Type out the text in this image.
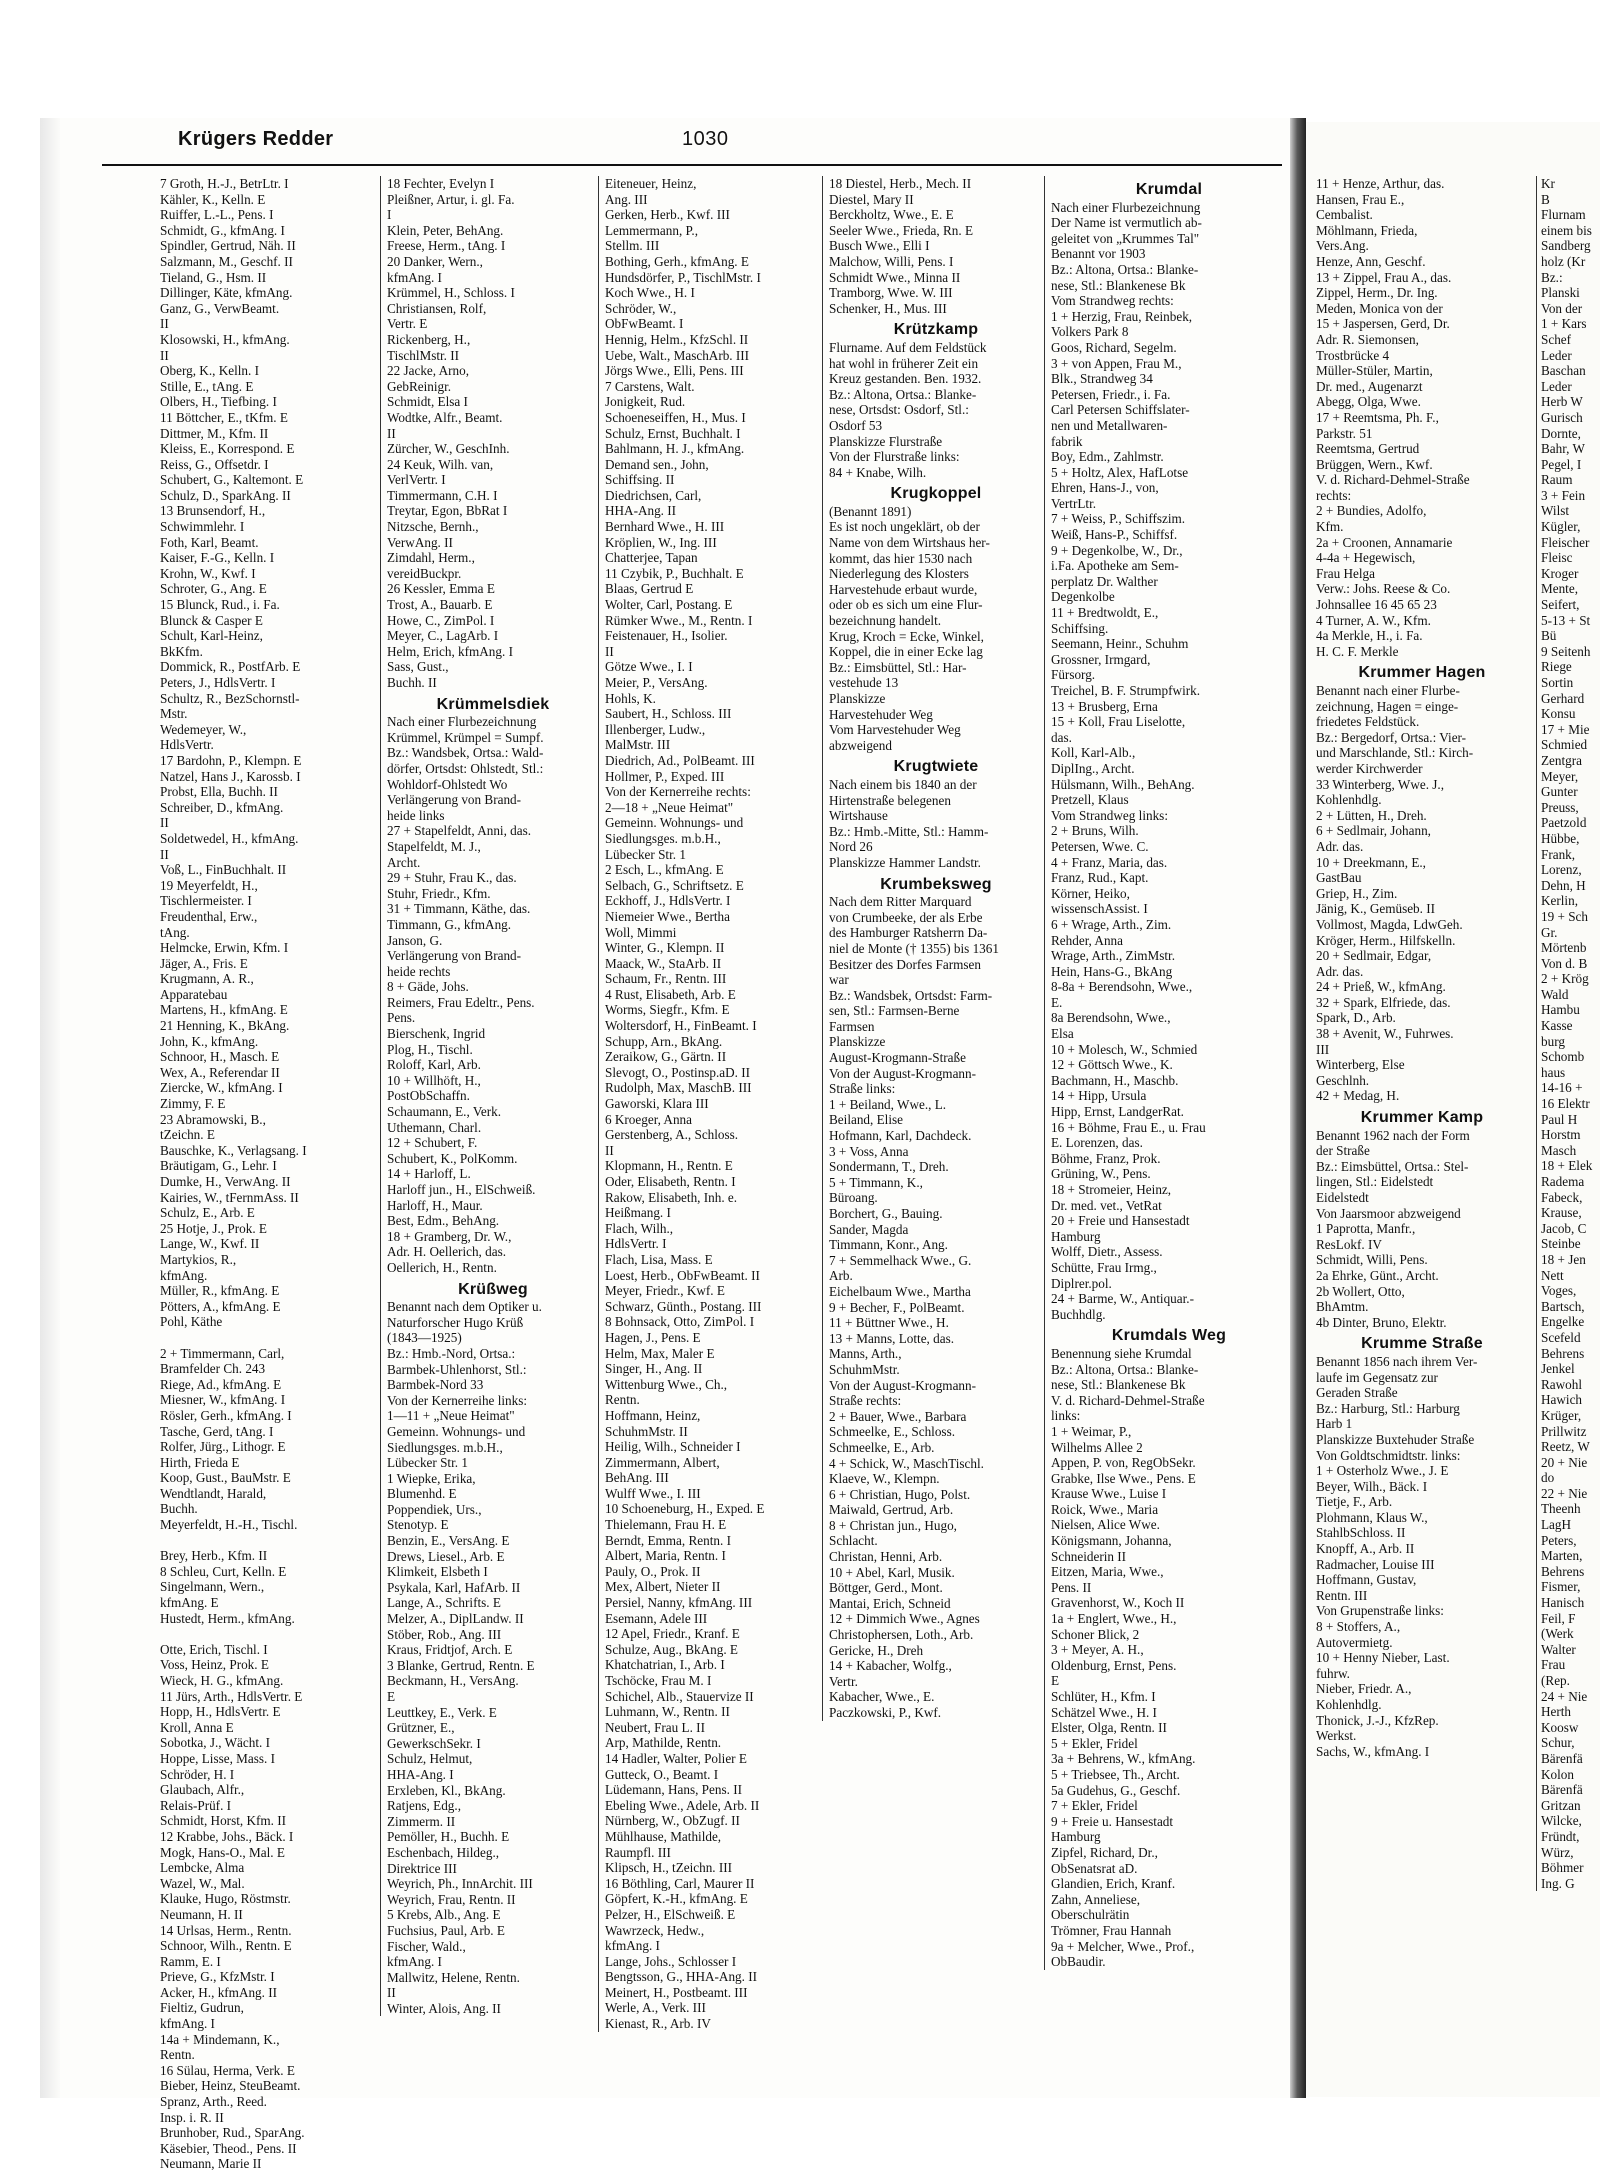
Krügers Redder	1030
7 Groth, H.-J., BetrLtr. I
Kähler, K., Kelln. E
Ruiffer, L.-L., Pens. I
Schmidt, G., kfmAng. I
Spindler, Gertrud, Näh. II
Salzmann, M., Geschf. II
Tieland, G., Hsm. II
Dillinger, Käte, kfmAng.
Ganz, G., VerwBeamt.
II
Klosowski, H., kfmAng.
II
Oberg, K., Kelln. I
Stille, E., tAng. E
Olbers, H., Tiefbing. I
11 Böttcher, E., tKfm. E
Dittmer, M., Kfm. II
Kleiss, E., Korrespond. E
Reiss, G., Offsetdr. I
Schubert, G., Kaltemont. E
Schulz, D., SparkAng. II
13 Brunsendorf, H.,
Schwimmlehr. I
Foth, Karl, Beamt.
Kaiser, F.-G., Kelln. I
Krohn, W., Kwf. I
Schroter, G., Ang. E
15 Blunck, Rud., i. Fa.
Blunck & Casper E
Schult, Karl-Heinz,
BkKfm.
Dommick, R., PostfArb. E
Peters, J., HdlsVertr. I
Schultz, R., BezSchornstl-
Mstr.
Wedemeyer, W.,
HdlsVertr.
17 Bardohn, P., Klempn. E
Natzel, Hans J., Karossb. I
Probst, Ella, Buchh. II
Schreiber, D., kfmAng.
II
Soldetwedel, H., kfmAng.
II
Voß, L., FinBuchhalt. II
19 Meyerfeldt, H.,
Tischlermeister. I
Freudenthal, Erw.,
tAng.
Helmcke, Erwin, Kfm. I
Jäger, A., Fris. E
Krugmann, A. R.,
Apparatebau
Martens, H., kfmAng. E
21 Henning, K., BkAng.
John, K., kfmAng.
Schnoor, H., Masch. E
Wex, A., Referendar II
Ziercke, W., kfmAng. I
Zimmy, F. E
23 Abramowski, B.,
tZeichn. E
Bauschke, K., Verlagsang. I
Bräutigam, G., Lehr. I
Dumke, H., VerwAng. II
Kairies, W., tFernmAss. II
Schulz, E., Arb. E
25 Hotje, J., Prok. E
Lange, W., Kwf. II
Martykios, R.,
kfmAng.
Müller, R., kfmAng. E
Pötters, A., kfmAng. E
Pohl, Käthe

2 + Timmermann, Carl,
Bramfelder Ch. 243
Riege, Ad., kfmAng. E
Miesner, W., kfmAng. I
Rösler, Gerh., kfmAng. I
Tasche, Gerd, tAng. I
Rolfer, Jürg., Lithogr. E
Hirth, Frieda E
Koop, Gust., BauMstr. E
Wendtlandt, Harald,
Buchh.
Meyerfeldt, H.-H., Tischl.

Brey, Herb., Kfm. II
8 Schleu, Curt, Kelln. E
Singelmann, Wern.,
kfmAng. E
Hustedt, Herm., kfmAng.

Otte, Erich, Tischl. I
Voss, Heinz, Prok. E
Wieck, H. G., kfmAng.
11 Jürs, Arth., HdlsVertr. E
Hopp, H., HdlsVertr. E
Kroll, Anna E
Sobotka, J., Wächt. I
Hoppe, Lisse, Mass. I
Schröder, H. I
Glaubach, Alfr.,
Relais-Prüf. I
Schmidt, Horst, Kfm. II
12 Krabbe, Johs., Bäck. I
Mogk, Hans-O., Mal. E
Lembcke, Alma
Wazel, W., Mal.
Klauke, Hugo, Röstmstr.
Neumann, H. II
14 Urlsas, Herm., Rentn.
Schnoor, Wilh., Rentn. E
Ramm, E. I
Prieve, G., KfzMstr. I
Acker, H., kfmAng. II
Fieltiz, Gudrun,
kfmAng. I
14a + Mindemann, K.,
Rentn.
16 Sülau, Herma, Verk. E
Bieber, Heinz, SteuBeamt.
Spranz, Arth., Reed.
Insp. i. R. II
Brunhober, Rud., SparAng.
Käsebier, Theod., Pens. II
Neumann, Marie II
18 Fechter, Evelyn I
Pleißner, Artur, i. gl. Fa.
I
Klein, Peter, BehAng.
Freese, Herm., tAng. I
20 Danker, Wern.,
kfmAng. I
Krümmel, H., Schloss. I
Christiansen, Rolf,
Vertr. E
Rickenberg, H.,
TischlMstr. II
22 Jacke, Arno,
GebReinigr.
Schmidt, Elsa I
Wodtke, Alfr., Beamt.
II
Zürcher, W., GeschInh.
24 Keuk, Wilh. van,
VerlVertr. I
Timmermann, C.H. I
Treytar, Egon, BbRat I
Nitzsche, Bernh.,
VerwAng. II
Zimdahl, Herm.,
vereidBuckpr.
26 Kessler, Emma E
Trost, A., Bauarb. E
Howe, C., ZimPol. I
Meyer, C., LagArb. I
Helm, Erich, kfmAng. I
Sass, Gust.,
Buchh. II
Krümmelsdiek
Nach einer Flurbezeichnung
Krümmel, Krümpel = Sumpf.
Bz.: Wandsbek, Ortsa.: Wald-
dörfer, Ortsdst: Ohlstedt, Stl.:
Wohldorf-Ohlstedt Wo
Verlängerung von Brand-
heide links
27 + Stapelfeldt, Anni, das.
Stapelfeldt, M. J.,
Archt.
29 + Stuhr, Frau K., das.
Stuhr, Friedr., Kfm.
31 + Timmann, Käthe, das.
Timmann, G., kfmAng.
Janson, G.
Verlängerung von Brand-
heide rechts
8 + Gäde, Johs.
Reimers, Frau Edeltr., Pens.
Pens.
Bierschenk, Ingrid
Plog, H., Tischl.
Roloff, Karl, Arb.
10 + Willhöft, H.,
PostObSchaffn.
Schaumann, E., Verk.
Uthemann, Charl.
12 + Schubert, F.
Schubert, K., PolKomm.
14 + Harloff, L.
Harloff jun., H., ElSchweiß.
Harloff, H., Maur.
Best, Edm., BehAng.
18 + Gramberg, Dr. W.,
Adr. H. Oellerich, das.
Oellerich, H., Rentn.
Krüßweg
Benannt nach dem Optiker u.
Naturforscher Hugo Krüß
(1843—1925)
Bz.: Hmb.-Nord, Ortsa.:
Barmbek-Uhlenhorst, Stl.:
Barmbek-Nord 33
Von der Kernerreihe links:
1—11 + „Neue Heimat"
Gemeinn. Wohnungs- und
Siedlungsges. m.b.H.,
Lübecker Str. 1
1 Wiepke, Erika,
Blumenhd. E
Poppendiek, Urs.,
Stenotyp. E
Benzin, E., VersAng. E
Drews, Liesel., Arb. E
Klimkeit, Elsbeth I
Psykala, Karl, HafArb. II
Lange, A., Schrifts. E
Melzer, A., DiplLandw. II
Stöber, Rob., Ang. III
Kraus, Fridtjof, Arch. E
3 Blanke, Gertrud, Rentn. E
Beckmann, H., VersAng.
E
Leuttkey, E., Verk. E
Grützner, E.,
GewerkschSekr. I
Schulz, Helmut,
HHA-Ang. I
Erxleben, Kl., BkAng.
Ratjens, Edg.,
Zimmerm. II
Pemöller, H., Buchh. E
Eschenbach, Hildeg.,
Direktrice III
Weyrich, Ph., InnArchit. III
Weyrich, Frau, Rentn. II
5 Krebs, Alb., Ang. E
Fuchsius, Paul, Arb. E
Fischer, Wald.,
kfmAng. I
Mallwitz, Helene, Rentn.
II
Winter, Alois, Ang. II
Eiteneuer, Heinz,
Ang. III
Gerken, Herb., Kwf. III
Lemmermann, P.,
Stellm. III
Bothing, Gerh., kfmAng. E
Hundsdörfer, P., TischlMstr. I
Koch Wwe., H. I
Schröder, W.,
ObFwBeamt. I
Hennig, Helm., KfzSchl. II
Uebe, Walt., MaschArb. III
Jörgs Wwe., Elli, Pens. III
7 Carstens, Walt.
Jonigkeit, Rud.
Schoeneseiffen, H., Mus. I
Schulz, Ernst, Buchhalt. I
Bahlmann, H. J., kfmAng.
Demand sen., John,
Schiffsing. II
Diedrichsen, Carl,
HHA-Ang. II
Bernhard Wwe., H. III
Kröplien, W., Ing. III
Chatterjee, Tapan
11 Czybik, P., Buchhalt. E
Blaas, Gertrud E
Wolter, Carl, Postang. E
Rümker Wwe., M., Rentn. I
Feistenauer, H., Isolier.
II
Götze Wwe., I. I
Meier, P., VersAng.
Hohls, K.
Saubert, H., Schloss. III
Illenberger, Ludw.,
MalMstr. III
Diedrich, Ad., PolBeamt. III
Hollmer, P., Exped. III
Von der Kernerreihe rechts:
2—18 + „Neue Heimat"
Gemeinn. Wohnungs- und
Siedlungsges. m.b.H.,
Lübecker Str. 1
2 Esch, L., kfmAng. E
Selbach, G., Schriftsetz. E
Eckhoff, J., HdlsVertr. I
Niemeier Wwe., Bertha
Woll, Mimmi
Winter, G., Klempn. II
Maack, W., StaArb. II
Schaum, Fr., Rentn. III
4 Rust, Elisabeth, Arb. E
Worms, Siegfr., Kfm. E
Woltersdorf, H., FinBeamt. I
Schupp, Arn., BkAng.
Zeraikow, G., Gärtn. II
Slevogt, O., Postinsp.aD. II
Rudolph, Max, MaschB. III
Gaworski, Klara III
6 Kroeger, Anna
Gerstenberg, A., Schloss.
II
Klopmann, H., Rentn. E
Oder, Elisabeth, Rentn. I
Rakow, Elisabeth, Inh. e.
Heißmang. I
Flach, Wilh.,
HdlsVertr. I
Flach, Lisa, Mass. E
Loest, Herb., ObFwBeamt. II
Meyer, Friedr., Kwf. E
Schwarz, Günth., Postang. III
8 Bohnsack, Otto, ZimPol. I
Hagen, J., Pens. E
Helm, Max, Maler E
Singer, H., Ang. II
Wittenburg Wwe., Ch.,
Rentn.
Hoffmann, Heinz,
SchuhmMstr. II
Heilig, Wilh., Schneider I
Zimmermann, Albert,
BehAng. III
Wulff Wwe., I. III
10 Schoeneburg, H., Exped. E
Thielemann, Frau H. E
Berndt, Emma, Rentn. I
Albert, Maria, Rentn. I
Pauly, O., Prok. II
Mex, Albert, Nieter II
Persiel, Nanny, kfmAng. III
Esemann, Adele III
12 Apel, Friedr., Kranf. E
Schulze, Aug., BkAng. E
Khatchatrian, I., Arb. I
Tschöcke, Frau M. I
Schichel, Alb., Stauervize II
Luhmann, W., Rentn. II
Neubert, Frau L. II
Arp, Mathilde, Rentn.
14 Hadler, Walter, Polier E
Gutteck, O., Beamt. I
Lüdemann, Hans, Pens. II
Ebeling Wwe., Adele, Arb. II
Nürnberg, W., ObZugf. II
Mühlhause, Mathilde,
Raumpfl. III
Klipsch, H., tZeichn. III
16 Böthling, Carl, Maurer II
Göpfert, K.-H., kfmAng. E
Pelzer, H., ElSchweiß. E
Wawrzeck, Hedw.,
kfmAng. I
Lange, Johs., Schlosser I
Bengtsson, G., HHA-Ang. II
Meinert, H., Postbeamt. III
Werle, A., Verk. III
Kienast, R., Arb. IV
18 Diestel, Herb., Mech. II
Diestel, Mary II
Berckholtz, Wwe., E. E
Seeler Wwe., Frieda, Rn. E
Busch Wwe., Elli I
Malchow, Willi, Pens. I
Schmidt Wwe., Minna II
Tramborg, Wwe. W. III
Schenker, H., Mus. III
Krützkamp
Flurname. Auf dem Feldstück
hat wohl in früherer Zeit ein
Kreuz gestanden. Ben. 1932.
Bz.: Altona, Ortsa.: Blanke-
nese, Ortsdst: Osdorf, Stl.:
Osdorf 53
Planskizze Flurstraße
Von der Flurstraße links:
84 + Knabe, Wilh.
Krugkoppel
(Benannt 1891)
Es ist noch ungeklärt, ob der
Name von dem Wirtshaus her-
kommt, das hier 1530 nach
Niederlegung des Klosters
Harvestehude erbaut wurde,
oder ob es sich um eine Flur-
bezeichnung handelt.
Krug, Kroch = Ecke, Winkel,
Koppel, die in einer Ecke lag
Bz.: Eimsbüttel, Stl.: Har-
vestehude 13
Planskizze
Harvestehuder Weg
Vom Harvestehuder Weg
abzweigend
Krugtwiete
Nach einem bis 1840 an der
Hirtenstraße belegenen
Wirtshause
Bz.: Hmb.-Mitte, Stl.: Hamm-
Nord 26
Planskizze Hammer Landstr.
Krumbeksweg
Nach dem Ritter Marquard
von Crumbeeke, der als Erbe
des Hamburger Ratsherrn Da-
niel de Monte († 1355) bis 1361
Besitzer des Dorfes Farmsen
war
Bz.: Wandsbek, Ortsdst: Farm-
sen, Stl.: Farmsen-Berne
Farmsen
Planskizze
August-Krogmann-Straße
Von der August-Krogmann-
Straße links:
1 + Beiland, Wwe., L.
Beiland, Elise
Hofmann, Karl, Dachdeck.
3 + Voss, Anna
Sondermann, T., Dreh.
5 + Timmann, K.,
Büroang.
Borchert, G., Bauing.
Sander, Magda
Timmann, Konr., Ang.
7 + Semmelhack Wwe., G.
Arb.
Eichelbaum Wwe., Martha
9 + Becher, F., PolBeamt.
11 + Büttner Wwe., H.
13 + Manns, Lotte, das.
Manns, Arth.,
SchuhmMstr.
Von der August-Krogmann-
Straße rechts:
2 + Bauer, Wwe., Barbara
Schmeelke, E., Schloss.
Schmeelke, E., Arb.
4 + Schick, W., MaschTischl.
Klaeve, W., Klempn.
6 + Christian, Hugo, Polst.
Maiwald, Gertrud, Arb.
8 + Christan jun., Hugo,
Schlacht.
Christan, Henni, Arb.
10 + Abel, Karl, Musik.
Böttger, Gerd., Mont.
Mantai, Erich, Schneid
12 + Dimmich Wwe., Agnes
Christophersen, Loth., Arb.
Gericke, H., Dreh
14 + Kabacher, Wolfg.,
Vertr.
Kabacher, Wwe., E.
Paczkowski, P., Kwf.
Krumdal
Nach einer Flurbezeichnung
Der Name ist vermutlich ab-
geleitet von „Krummes Tal"
Benannt vor 1903
Bz.: Altona, Ortsa.: Blanke-
nese, Stl.: Blankenese Bk
Vom Strandweg rechts:
1 + Herzig, Frau, Reinbek,
Volkers Park 8
Goos, Richard, Segelm.
3 + von Appen, Frau M.,
Blk., Strandweg 34
Petersen, Friedr., i. Fa.
Carl Petersen Schiffslater-
nen und Metallwaren-
fabrik
Boy, Edm., Zahlmstr.
5 + Holtz, Alex, HafLotse
Ehren, Hans-J., von,
VertrLtr.
7 + Weiss, P., Schiffszim.
Weiß, Hans-P., Schiffsf.
9 + Degenkolbe, W., Dr.,
i.Fa. Apotheke am Sem-
perplatz Dr. Walther
Degenkolbe
11 + Bredtwoldt, E.,
Schiffsing.
Seemann, Heinr., Schuhm
Grossner, Irmgard,
Fürsorg.
Treichel, B. F. Strumpfwirk.
13 + Brusberg, Erna
15 + Koll, Frau Liselotte,
das.
Koll, Karl-Alb.,
DiplIng., Archt.
Hülsmann, Wilh., BehAng.
Pretzell, Klaus
Vom Strandweg links:
2 + Bruns, Wilh.
Petersen, Wwe. C.
4 + Franz, Maria, das.
Franz, Rud., Kapt.
Körner, Heiko,
wissenschAssist. I
6 + Wrage, Arth., Zim.
Rehder, Anna
Wrage, Arth., ZimMstr.
Hein, Hans-G., BkAng
8-8a + Berendsohn, Wwe.,
E.
8a Berendsohn, Wwe.,
Elsa
10 + Molesch, W., Schmied
12 + Göttsch Wwe., K.
Bachmann, H., Maschb.
14 + Hipp, Ursula
Hipp, Ernst, LandgerRat.
16 + Böhme, Frau E., u. Frau
E. Lorenzen, das.
Böhme, Franz, Prok.
Grüning, W., Pens.
18 + Stromeier, Heinz,
Dr. med. vet., VetRat
20 + Freie und Hansestadt
Hamburg
Wolff, Dietr., Assess.
Schütte, Frau Irmg.,
Diplrer.pol.
24 + Barme, W., Antiquar.-
Buchhdlg.
Krumdals Weg
Benennung siehe Krumdal
Bz.: Altona, Ortsa.: Blanke-
nese, Stl.: Blankenese Bk
V. d. Richard-Dehmel-Straße
links:
1 + Weimar, P.,
Wilhelms Allee 2
Appen, P. von, RegObSekr.
Grabke, Ilse Wwe., Pens. E
Krause Wwe., Luise I
Roick, Wwe., Maria
Nielsen, Alice Wwe.
Königsmann, Johanna,
Schneiderin II
Eitzen, Maria, Wwe.,
Pens. II
Gravenhorst, W., Koch II
1a + Englert, Wwe., H.,
Schoner Blick, 2
3 + Meyer, A. H.,
Oldenburg, Ernst, Pens.
E
Schlüter, H., Kfm. I
Schätzel Wwe., H. I
Elster, Olga, Rentn. II
5 + Ekler, Fridel
3a + Behrens, W., kfmAng.
5 + Triebsee, Th., Archt.
5a Gudehus, G., Geschf.
7 + Ekler, Fridel
9 + Freie u. Hansestadt
Hamburg
Zipfel, Richard, Dr.,
ObSenatsrat aD.
Glandien, Erich, Kranf.
Zahn, Anneliese,
Oberschulrätin
Trömner, Frau Hannah
9a + Melcher, Wwe., Prof.,
ObBaudir.
11 + Henze, Arthur, das.
Hansen, Frau E.,
Cembalist.
Möhlmann, Frieda,
Vers.Ang.
Henze, Ann, Geschf.
13 + Zippel, Frau A., das.
Zippel, Herm., Dr. Ing.
Meden, Monica von der
15 + Jaspersen, Gerd, Dr.
Adr. R. Siemonsen,
Trostbrücke 4
Müller-Stüler, Martin,
Dr. med., Augenarzt
Abegg, Olga, Wwe.
17 + Reemtsma, Ph. F.,
Parkstr. 51
Reemtsma, Gertrud
Brüggen, Wern., Kwf.
V. d. Richard-Dehmel-Straße
rechts:
2 + Bundies, Adolfo,
Kfm.
2a + Croonen, Annamarie
4-4a + Hegewisch,
Frau Helga
Verw.: Johs. Reese & Co.
Johnsallee 16 45 65 23
4 Turner, A. W., Kfm.
4a Merkle, H., i. Fa.
H. C. F. Merkle
Krummer Hagen
Benannt nach einer Flurbe-
zeichnung, Hagen = einge-
friedetes Feldstück.
Bz.: Bergedorf, Ortsa.: Vier-
und Marschlande, Stl.: Kirch-
werder Kirchwerder
33 Winterberg, Wwe. J.,
Kohlenhdlg.
2 + Lütten, H., Dreh.
6 + Sedlmair, Johann,
Adr. das.
10 + Dreekmann, E.,
GastBau
Griep, H., Zim.
Jänig, K., Gemüseb. II
Vollmost, Magda, LdwGeh.
Kröger, Herm., Hilfskelln.
20 + Sedlmair, Edgar,
Adr. das.
24 + Prieß, W., kfmAng.
32 + Spark, Elfriede, das.
Spark, D., Arb.
38 + Avenit, W., Fuhrwes.
III
Winterberg, Else
Geschlnh.
42 + Medag, H.
Krummer Kamp
Benannt 1962 nach der Form
der Straße
Bz.: Eimsbüttel, Ortsa.: Stel-
lingen, Stl.: Eidelstedt
Eidelstedt
Von Jaarsmoor abzweigend
1 Paprotta, Manfr.,
ResLokf. IV
Schmidt, Willi, Pens.
2a Ehrke, Günt., Archt.
2b Wollert, Otto,
BhAmtm.
4b Dinter, Bruno, Elektr.
Krumme Straße
Benannt 1856 nach ihrem Ver-
laufe im Gegensatz zur
Geraden Straße
Bz.: Harburg, Stl.: Harburg
Harb 1
Planskizze Buxtehuder Straße
Von Goldtschmidtstr. links:
1 + Osterholz Wwe., J. E
Beyer, Wilh., Bäck. I
Tietje, F., Arb.
Plohmann, Klaus W.,
StahlbSchloss. II
Knopff, A., Arb. II
Radmacher, Louise III
Hoffmann, Gustav,
Rentn. III
Von Grupenstraße links:
8 + Stoffers, A.,
Autovermietg.
10 + Henny Nieber, Last.
fuhrw.
Nieber, Friedr. A.,
Kohlenhdlg.
Thonick, J.-J., KfzRep.
Werkst.
Sachs, W., kfmAng. I
Kr
B
Flurnam
einem bis
Sandberg
holz (Kr
Bz.:
Planski
Von der
1 + Kars
Schef
Leder
Baschan
Leder
Herb W
Gurisch
Dornte,
Bahr, W
Pegel, I
Raum
3 + Fein
Wilst
Kügler,
Fleischer
Fleisc
Kroger
Mente,
Seifert,
5-13 + St
Bü
9 Seitenh
Riege
Sortin
Gerhard
Konsu
17 + Mie
Schmied
Zentgra
Meyer,
Gunter
Preuss,
Paetzold
Hübbe,
Frank,
Lorenz,
Dehn, H
Kerlin,
19 + Sch
Gr.
Mörtenb
Von d. B
2 + Krög
Wald
Hambu
Kasse
burg
Schomb
haus
14-16 +
16 Elektr
Paul H
Horstm
Masch
18 + Elek
Radema
Fabeck,
Krause,
Jacob, C
Steinbe
18 + Jen
Nett
Voges,
Bartsch,
Engelke
Scefeld
Behrens
Jenkel
Rawohl
Hawich
Krüger,
Prillwitz
Reetz, W
20 + Nie
do
22 + Nie
Theenh
LagH
Peters,
Marten,
Behrens
Fismer,
Hanisch
Feil, F
(Werk
Walter
Frau
(Rep.
24 + Nie
Herth
Koosw
Schur,
Bärenfä
Kolon
Bärenfä
Gritzan
Wilcke,
Fründt,
Würz,
Böhmer
Ing. G
